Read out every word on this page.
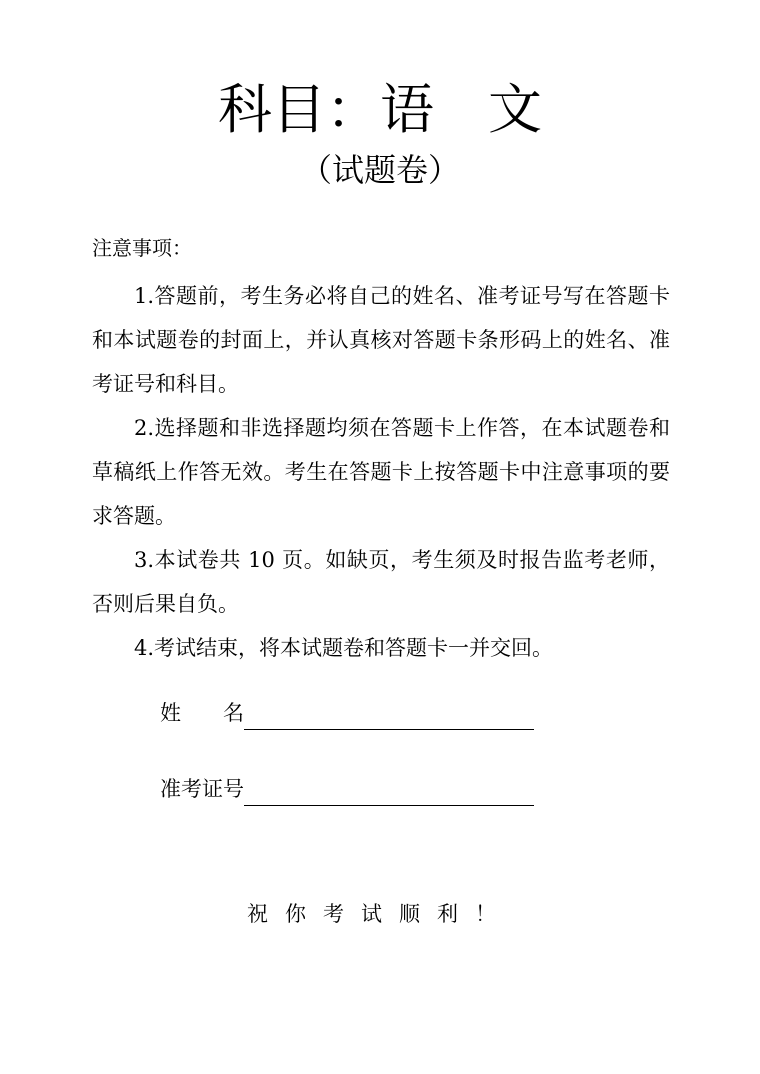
科目：语　文
（试题卷）
注意事项：
1.答题前，考生务必将自己的姓名、准考证号写在答题卡和本试题卷的封面上，并认真核对答题卡条形码上的姓名、准考证号和科目。
2.选择题和非选择题均须在答题卡上作答，在本试题卷和草稿纸上作答无效。考生在答题卡上按答题卡中注意事项的要求答题。
3.本试卷共 10 页。如缺页，考生须及时报告监考老师，否则后果自负。
4.考试结束，将本试题卷和答题卡一并交回。
姓　　名
准考证号
祝你考试顺利！
